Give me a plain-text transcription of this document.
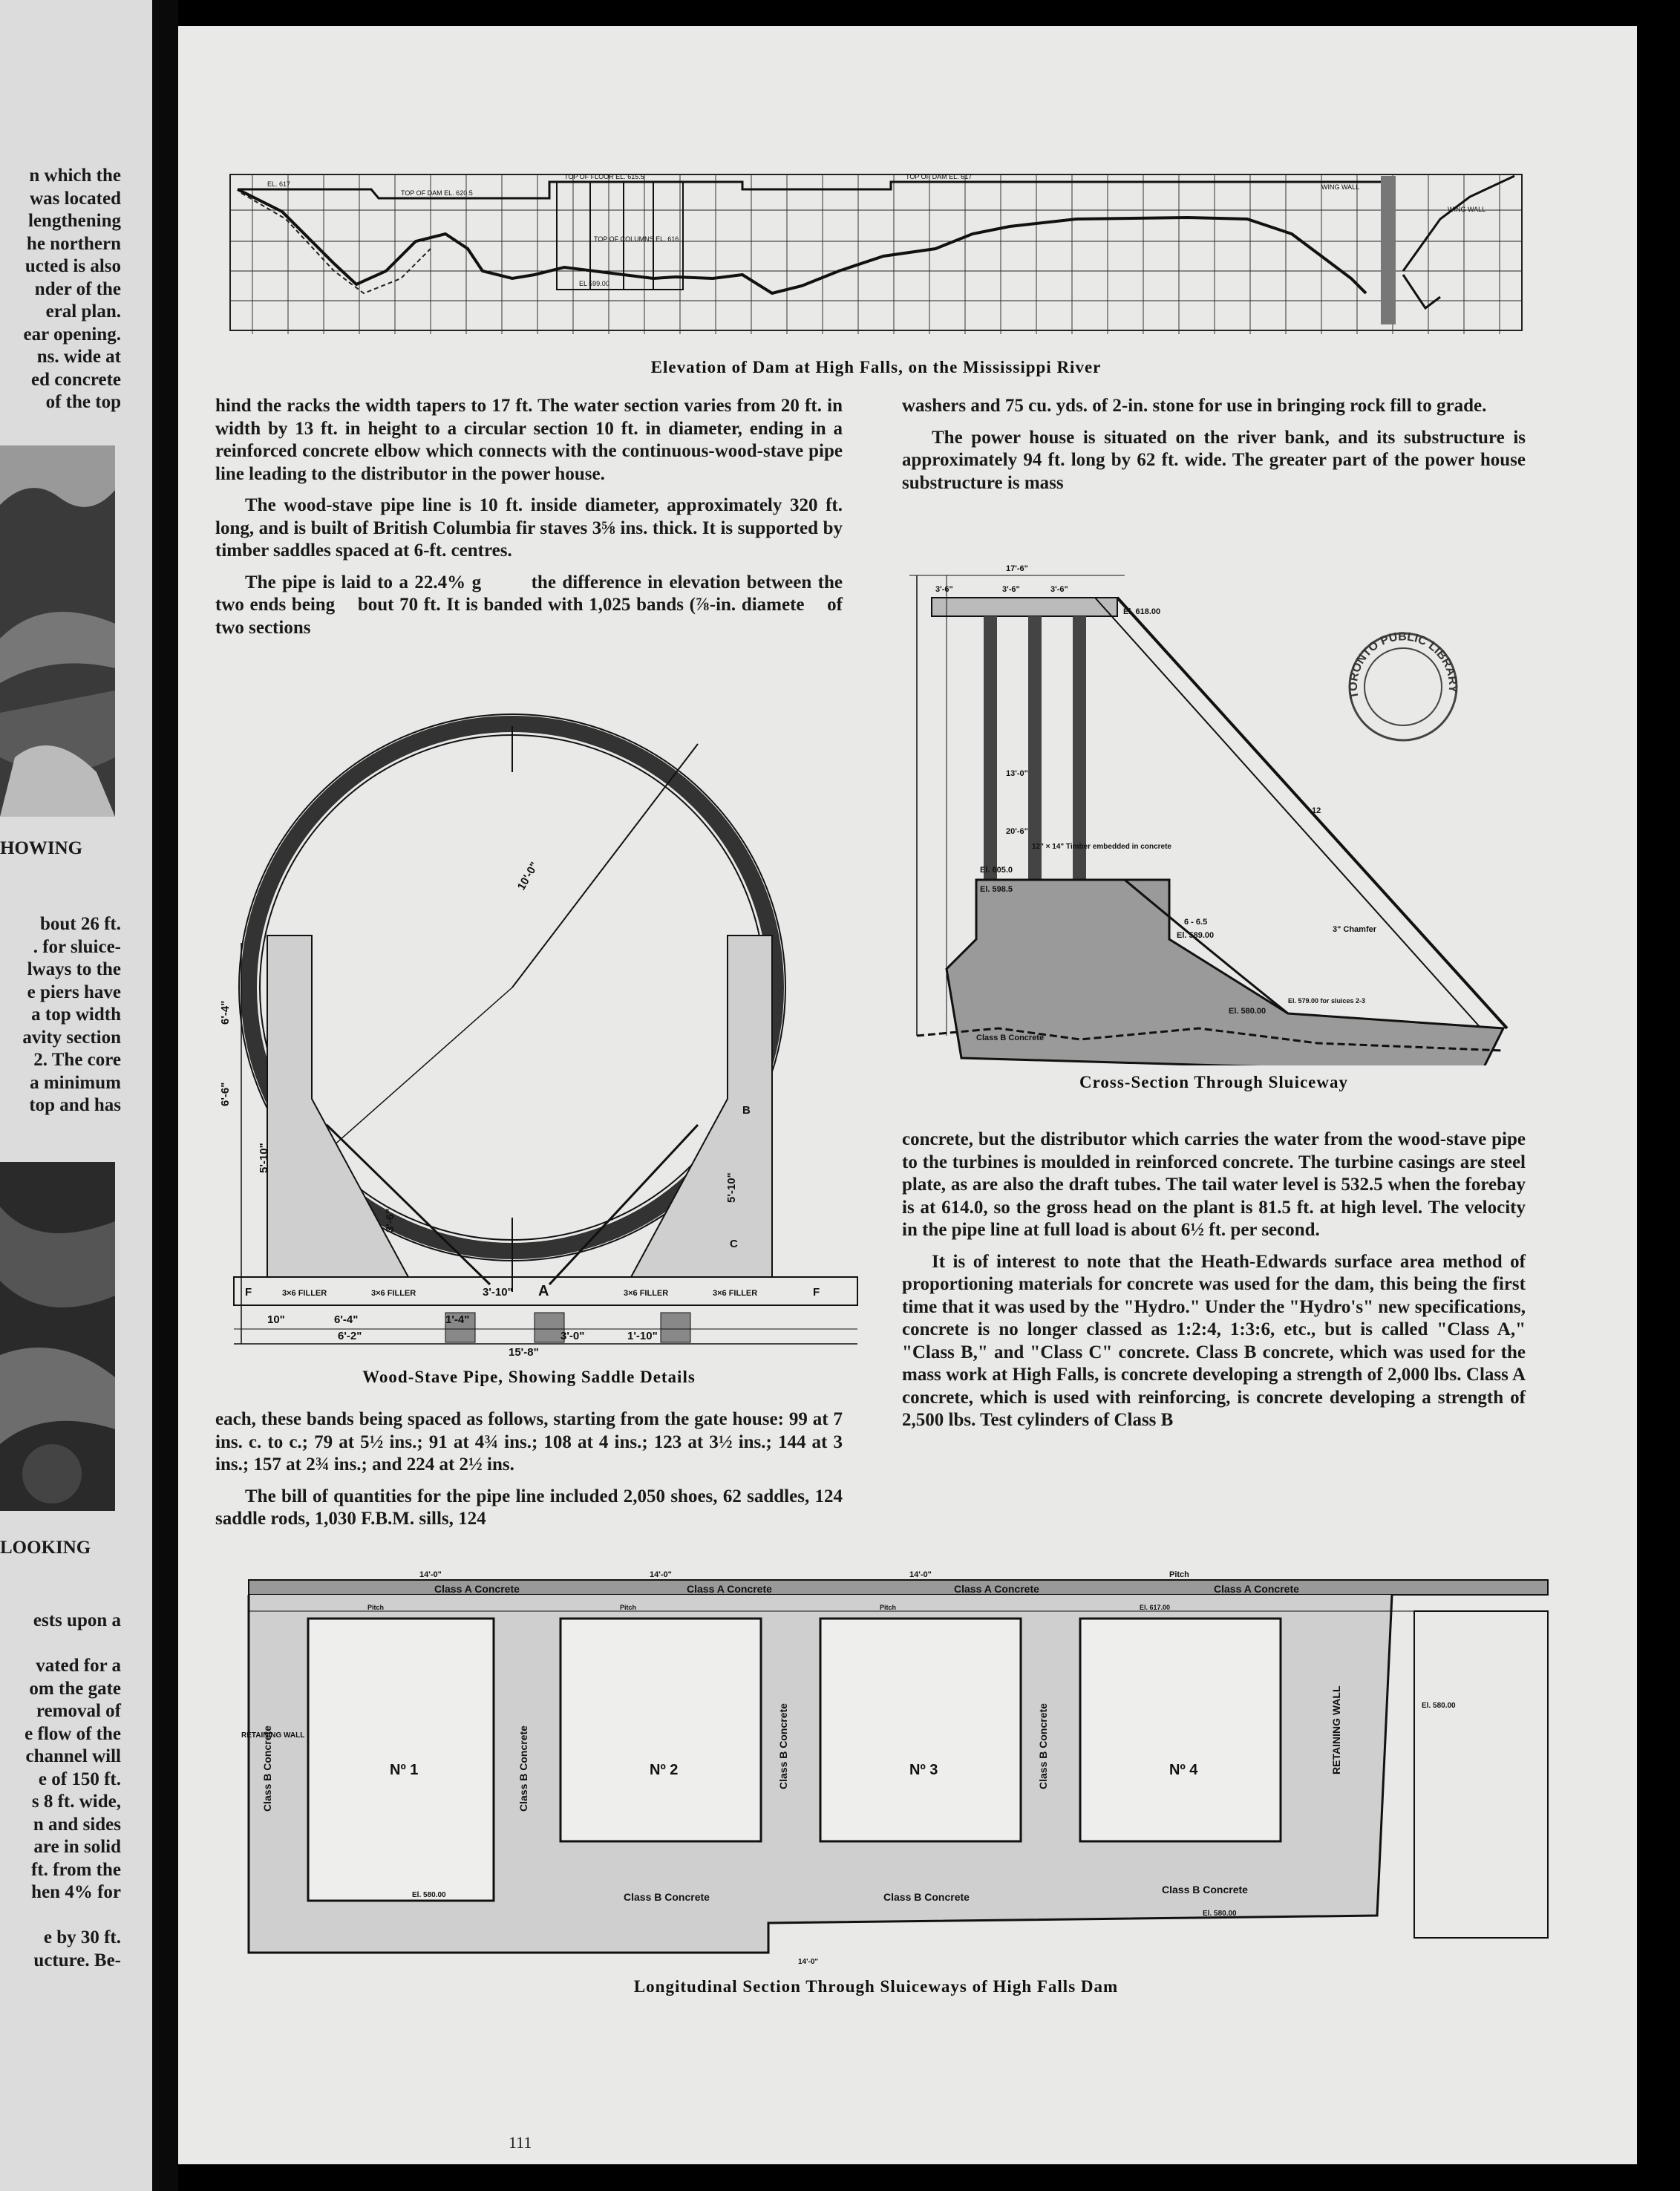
n which the
was located
lengthening
he northern
ucted is also
nder of the
eral plan.
ear opening.
ns. wide at
ed concrete
of the top
HOWING
bout 26 ft.
. for sluice-
lways to the
e piers have
a top width
avity section
2. The core
a minimum
top and has
LOOKING
ests upon a

vated for a
om the gate
removal of
e flow of the
channel will
e of 150 ft.
s 8 ft. wide,
n and sides
are in solid
ft. from the
hen 4% for

e by 30 ft.
ucture. Be-
EL. 617
TOP OF DAM EL. 620.5
TOP OF FLOOR EL. 615.5	TOP OF DAM EL. 617
TOP OF COLUMNS EL. 616
WING WALL
WING WALL
EL 599.00
Elevation of Dam at High Falls, on the Mississippi River

hind the racks the width tapers to 17 ft. The water section varies from 20 ft. in width by 13 ft. in height to a circular section 10 ft. in diameter, ending in a reinforced concrete elbow which connects with the continuous-wood-stave pipe line leading to the distributor in the power house.

The wood-stave pipe line is 10 ft. inside diameter, approximately 320 ft. long, and is built of British Columbia fir staves 3⅝ ins. thick. It is supported by timber saddles spaced at 6-ft. centres.

The pipe is laid to a 22.4% g        the difference in elevation between the two ends being    bout 70 ft. It is banded with 1,025 bands (⅞-in. diamete    of two sections

10'-0"
6'-6"
5'-10"
3'-10" A
3×6 FILLER	3×6 FILLER	3×6 FILLER	3×6 FILLER
F	F
10"	6'-4"
6'-2"
15'-8"
1'-4"
3'-0"	1'-10"
3'-6"
6'-4"
5'-10"
C
B
Wood-Stave Pipe, Showing Saddle Details

each, these bands being spaced as follows, starting from the gate house: 99 at 7 ins. c. to c.; 79 at 5½ ins.; 91 at 4¾ ins.; 108 at 4 ins.; 123 at 3½ ins.; 144 at 3 ins.; 157 at 2¾ ins.; and 224 at 2½ ins.

The bill of quantities for the pipe line included 2,050 shoes, 62 saddles, 124 saddle rods, 1,030 F.B.M. sills, 124

washers and 75 cu. yds. of 2-in. stone for use in bringing rock fill to grade.

The power house is situated on the river bank, and its substructure is approximately 94 ft. long by 62 ft. wide. The greater part of the power house substructure is mass

17'-6"
3'-6"	3'-6"	3'-6"
El. 618.00
13'-0"
20'-6"
12" × 14" Timber embedded in concrete
El. 605.0
El. 598.5
Class B Concrete
El. 589.00
El. 580.00
3" Chamfer
6 - 6.5
12
El. 579.00 for sluices 2-3
TORONTO PUBLIC LIBRARY
Cross-Section Through Sluiceway

concrete, but the distributor which carries the water from the wood-stave pipe to the turbines is moulded in reinforced concrete. The turbine casings are steel plate, as are also the draft tubes. The tail water level is 532.5 when the forebay is at 614.0, so the gross head on the plant is 81.5 ft. at high level. The velocity in the pipe line at full load is about 6½ ft. per second.

It is of interest to note that the Heath-Edwards surface area method of proportioning materials for concrete was used for the dam, this being the first time that it was used by the "Hydro." Under the "Hydro's" new specifications, concrete is no longer classed as 1:2:4, 1:3:6, etc., but is called "Class A," "Class B," and "Class C" concrete. Class B concrete, which was used for the mass work at High Falls, is concrete developing a strength of 2,000 lbs. Class A concrete, which is used with reinforcing, is concrete developing a strength of 2,500 lbs. Test cylinders of Class B

Class A Concrete	Class A Concrete	Class A Concrete	Class A Concrete
Nº 1	Nº 2	Nº 3	Nº 4
Class B Concrete	Class B Concrete
Class B Concrete
Class B Concrete	Class B Concrete	Class B Concrete	Class B Concrete	RETAINING WALL
RETAINING WALL
El. 580.00
El. 580.00
El. 580.00
14'-0"
14'-0"	14'-0"	14'-0"	Pitch
Pitch	Pitch	Pitch	El. 617.00
Longitudinal Section Through Sluiceways of High Falls Dam
111
